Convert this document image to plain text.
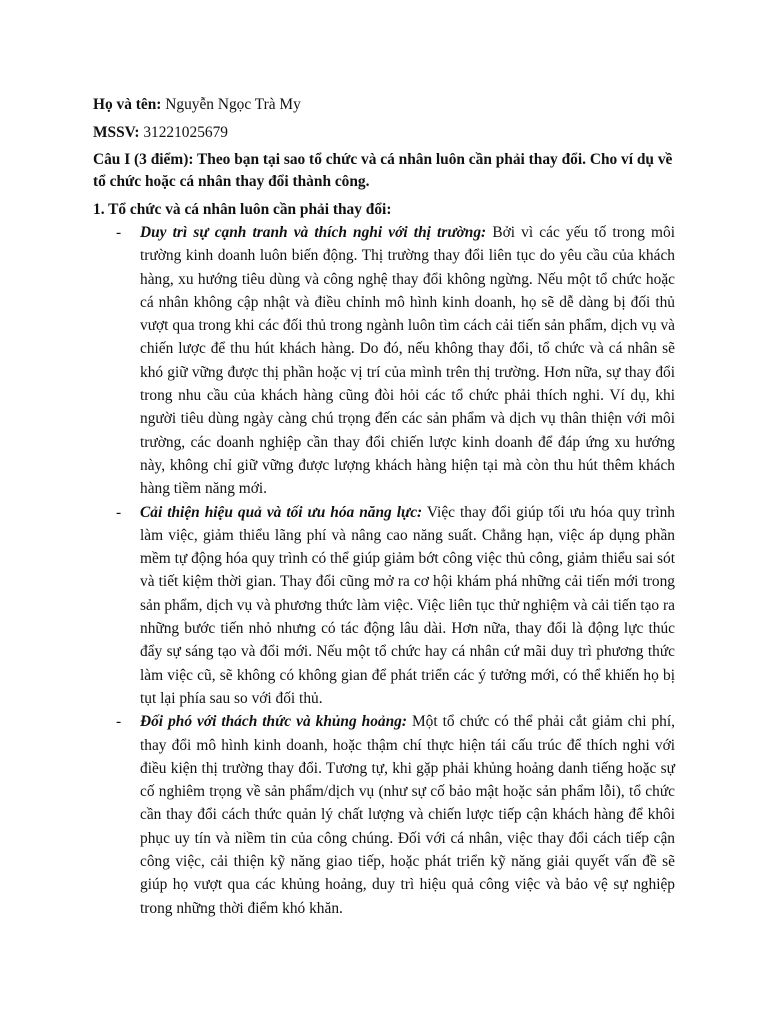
Họ và tên: Nguyễn Ngọc Trà My

MSSV: 31221025679

Câu I (3 điểm): Theo bạn tại sao tổ chức và cá nhân luôn cần phải thay đổi. Cho ví dụ về tổ chức hoặc cá nhân thay đổi thành công.

1. Tổ chức và cá nhân luôn cần phải thay đổi:

- Duy trì sự cạnh tranh và thích nghi với thị trường: Bởi vì các yếu tố trong môi trường kinh doanh luôn biến động. Thị trường thay đổi liên tục do yêu cầu của khách hàng, xu hướng tiêu dùng và công nghệ thay đổi không ngừng. Nếu một tổ chức hoặc cá nhân không cập nhật và điều chỉnh mô hình kinh doanh, họ sẽ dễ dàng bị đối thủ vượt qua trong khi các đối thủ trong ngành luôn tìm cách cải tiến sản phẩm, dịch vụ và chiến lược để thu hút khách hàng. Do đó, nếu không thay đổi, tổ chức và cá nhân sẽ khó giữ vững được thị phần hoặc vị trí của mình trên thị trường. Hơn nữa, sự thay đổi trong nhu cầu của khách hàng cũng đòi hỏi các tổ chức phải thích nghi. Ví dụ, khi người tiêu dùng ngày càng chú trọng đến các sản phẩm và dịch vụ thân thiện với môi trường, các doanh nghiệp cần thay đổi chiến lược kinh doanh để đáp ứng xu hướng này, không chỉ giữ vững được lượng khách hàng hiện tại mà còn thu hút thêm khách hàng tiềm năng mới.
- Cải thiện hiệu quả và tối ưu hóa năng lực: Việc thay đổi giúp tối ưu hóa quy trình làm việc, giảm thiểu lãng phí và nâng cao năng suất. Chẳng hạn, việc áp dụng phần mềm tự động hóa quy trình có thể giúp giảm bớt công việc thủ công, giảm thiểu sai sót và tiết kiệm thời gian. Thay đổi cũng mở ra cơ hội khám phá những cải tiến mới trong sản phẩm, dịch vụ và phương thức làm việc. Việc liên tục thử nghiệm và cải tiến tạo ra những bước tiến nhỏ nhưng có tác động lâu dài. Hơn nữa, thay đổi là động lực thúc đẩy sự sáng tạo và đổi mới. Nếu một tổ chức hay cá nhân cứ mãi duy trì phương thức làm việc cũ, sẽ không có không gian để phát triển các ý tưởng mới, có thể khiến họ bị tụt lại phía sau so với đối thủ.
- Đối phó với thách thức và khủng hoảng: Một tổ chức có thể phải cắt giảm chi phí, thay đổi mô hình kinh doanh, hoặc thậm chí thực hiện tái cấu trúc để thích nghi với điều kiện thị trường thay đổi. Tương tự, khi gặp phải khủng hoảng danh tiếng hoặc sự cố nghiêm trọng về sản phẩm/dịch vụ (như sự cố bảo mật hoặc sản phẩm lỗi), tổ chức cần thay đổi cách thức quản lý chất lượng và chiến lược tiếp cận khách hàng để khôi phục uy tín và niềm tin của công chúng. Đối với cá nhân, việc thay đổi cách tiếp cận công việc, cải thiện kỹ năng giao tiếp, hoặc phát triển kỹ năng giải quyết vấn đề sẽ giúp họ vượt qua các khủng hoảng, duy trì hiệu quả công việc và bảo vệ sự nghiệp trong những thời điểm khó khăn.
